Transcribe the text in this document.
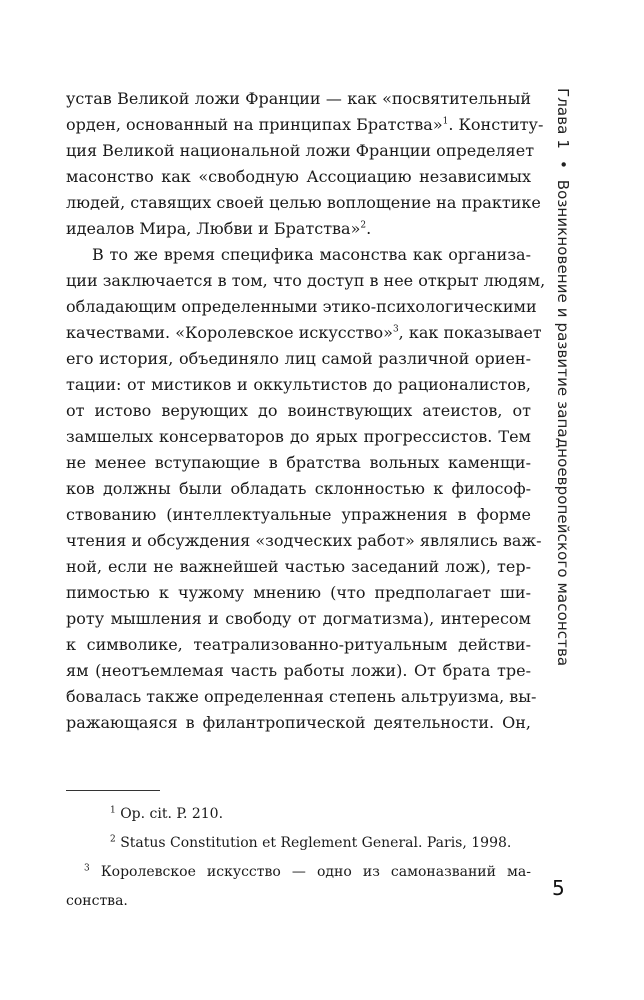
устав Великой ложи Франции — как «посвятительный
орден, основанный на принципах Братства»$^1$. Конститу-
ция Великой национальной ложи Франции определяет
масонство как «свободную Ассоциацию независимых
людей, ставящих своей целью воплощение на практике
идеалов Мира, Любви и Братства»$^2$.
В то же время специфика масонства как организа-
ции заключается в том, что доступ в нее открыт людям,
обладающим определенными этико-психологическими
качествами. «Королевское искусство»$^3$, как показывает
его история, объединяло лиц самой различной ориен-
тации: от мистиков и оккультистов до рационалистов,
от истово верующих до воинствующих атеистов, от
замшелых консерваторов до ярых прогрессистов. Тем
не менее вступающие в братства вольных каменщи-
ков должны были обладать склонностью к философ-
ствованию (интеллектуальные упражнения в форме
чтения и обсуждения «зодческих работ» являлись важ-
ной, если не важнейшей частью заседаний лож), тер-
пимостью к чужому мнению (что предполагает ши-
роту мышления и свободу от догматизма), интересом
к символике, театрализованно-ритуальным действи-
ям (неотъемлемая часть работы ложи). От брата тре-
бовалась также определенная степень альтруизма, вы-
ражающаяся в филантропической деятельности. Он,
$^1$ Op. cit. P. 210.
$^2$ Status Constitution et Reglement General. Paris, 1998.
$^3$ Королевское искусство — одно из самоназваний ма-
сонства.
Глава 1 • Возникновение и развитие западноевропейского масонства
5
